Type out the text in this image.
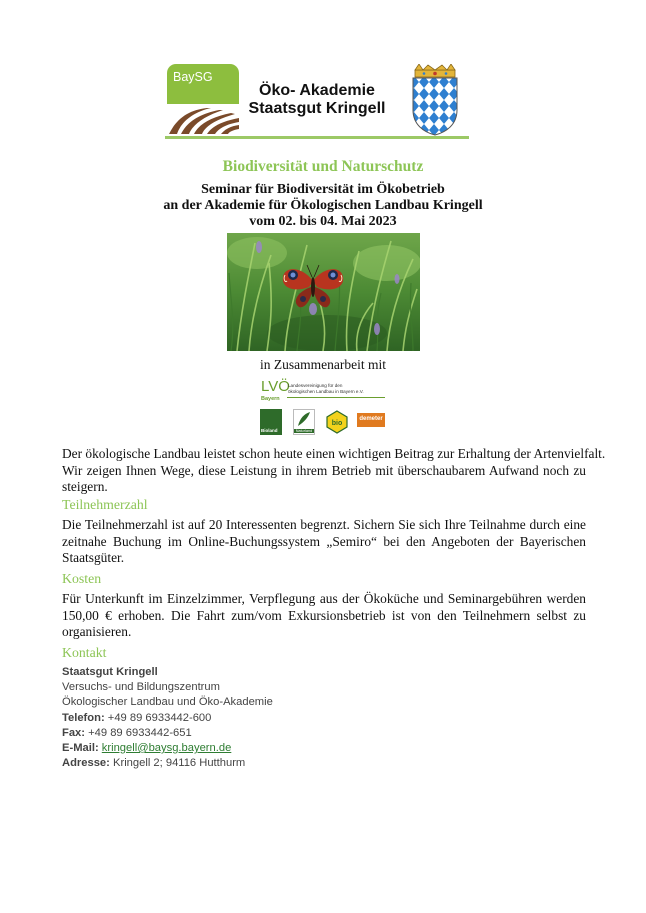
BaySG
Öko- Akademie
Staatsgut Kringell
Biodiversität und Naturschutz
Seminar für Biodiversität im Ökobetrieb
an der Akademie für Ökologischen Landbau Kringell
vom 02. bis 04. Mai 2023
in Zusammenarbeit mit
LVÖ
Bayern
Landesvereinigung für den
ökologischen Landbau in Bayern e.V.
Bioland	Naturland
bio
demeter
Der ökologische Landbau leistet schon heute einen wichtigen Beitrag zur Erhaltung der Artenvielfalt.
Wir zeigen Ihnen Wege, diese Leistung in ihrem Betrieb mit überschaubarem Aufwand noch zu
steigern.
Teilnehmerzahl
Die Teilnehmerzahl ist auf 20 Interessenten begrenzt. Sichern Sie sich Ihre Teilnahme durch eine
zeitnahe Buchung im Online-Buchungssystem „Semiro“ bei den Angeboten der Bayerischen
Staatsgüter.
Kosten
Für Unterkunft im Einzelzimmer, Verpflegung aus der Ökoküche und Seminargebühren werden
150,00 € erhoben. Die Fahrt zum/vom Exkursionsbetrieb ist von den Teilnehmern selbst zu
organisieren.
Kontakt
Staatsgut Kringell
Versuchs- und Bildungszentrum
Ökologischer Landbau und Öko-Akademie
Telefon: +49 89 6933442-600
Fax: +49 89 6933442-651
E-Mail: kringell@baysg.bayern.de
Adresse: Kringell 2; 94116 Hutthurm
